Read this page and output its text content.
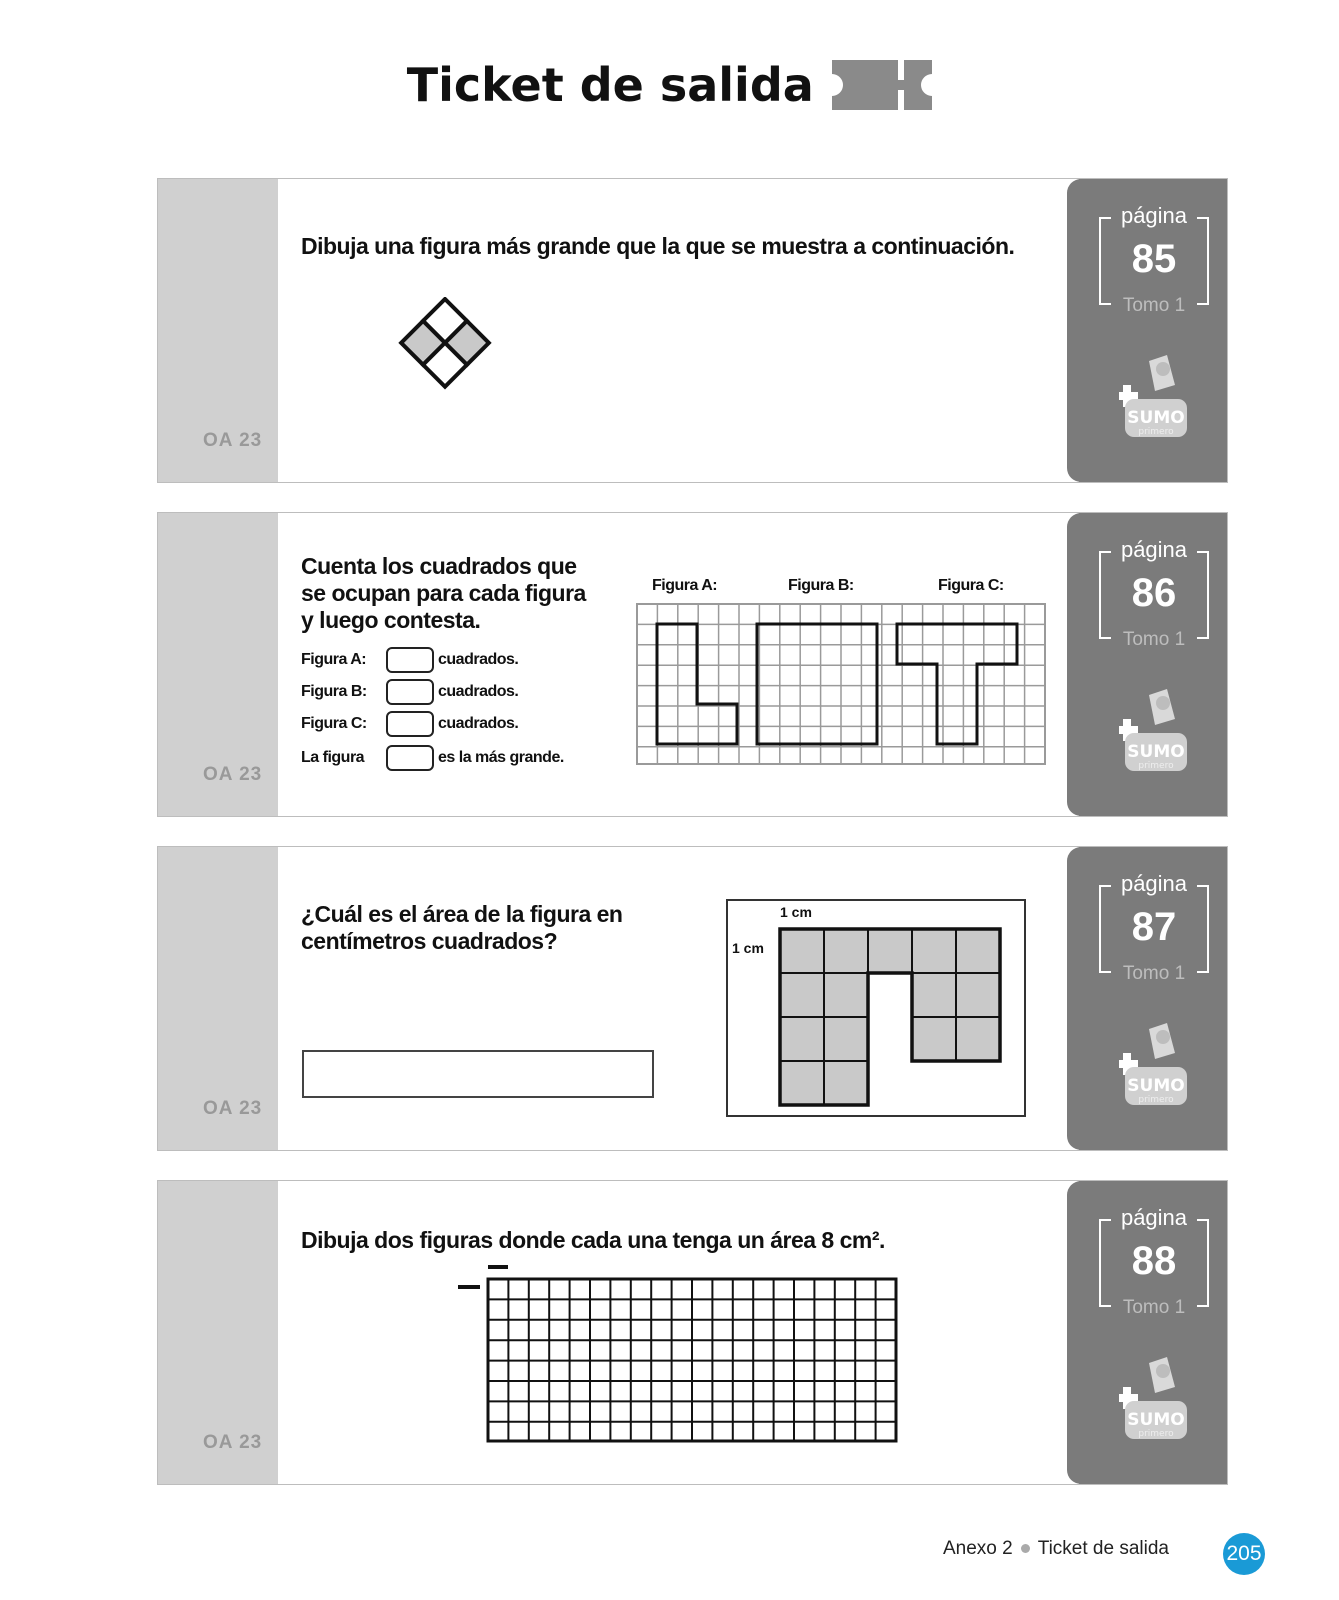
Ticket de salida
OA 23
Dibuja una figura más grande que la que se muestra a continuación.
página
85
Tomo 1
SUMO
primero
OA 23
Cuenta los cuadrados que
se ocupan para cada figura
y luego contesta.
Figura A:	cuadrados.
Figura B:	cuadrados.
Figura C:	cuadrados.
La figura	es la más grande.
Figura A:	Figura B:	Figura C:
página
86
Tomo 1
SUMO
primero
OA 23
¿Cuál es el área de la figura en
centímetros cuadrados?
1 cm
1 cm
página
87
Tomo 1
SUMO
primero
OA 23
Dibuja dos figuras donde cada una tenga un área 8 cm².
página
88
Tomo 1
SUMO
primero
Anexo 2 Ticket de salida	205
